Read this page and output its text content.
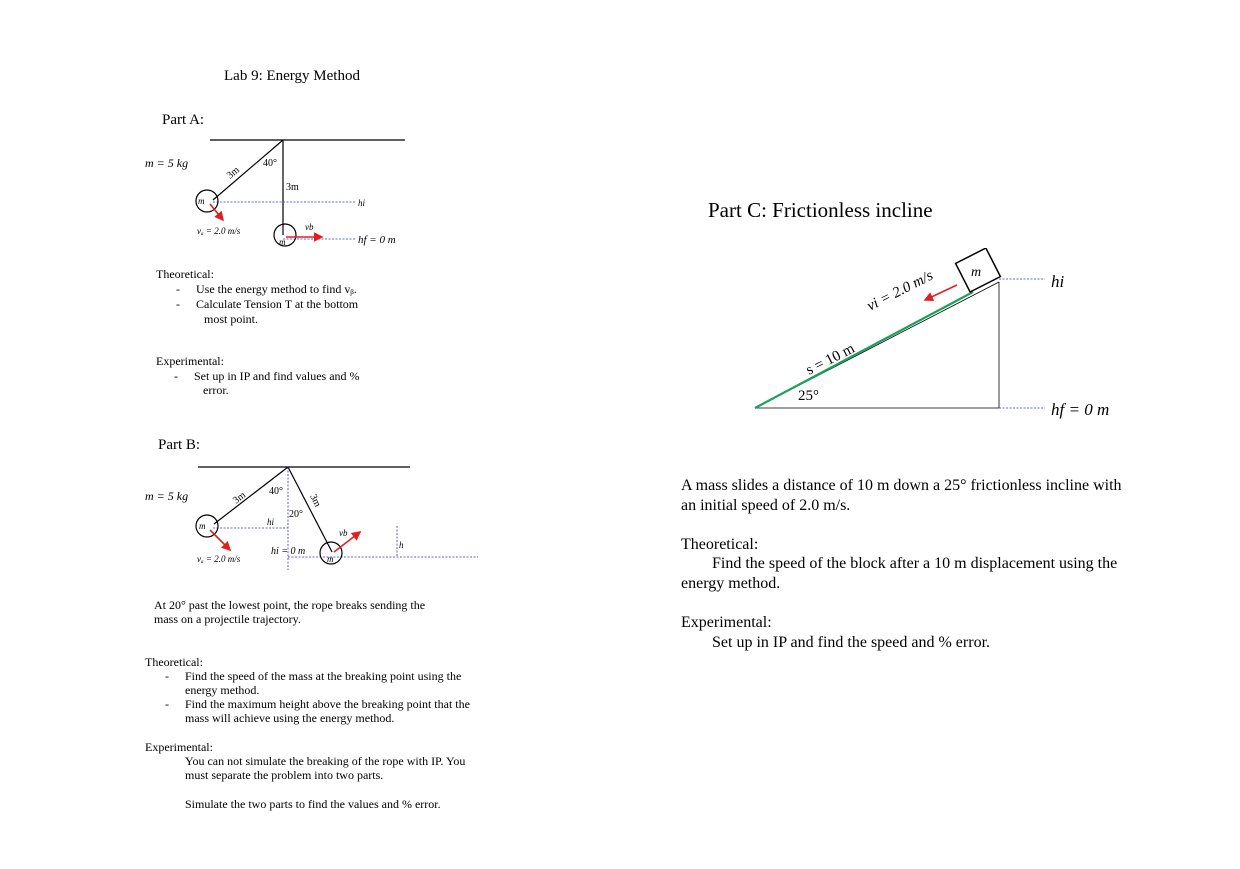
Lab 9: Energy Method
Part A:
3m
40°
3m
m
m
vₐ = 2.0 m/s	vb
hi
hf = 0 m
m = 5 kg
Theoretical:
- Use the energy method to find vᵦ.
- Calculate Tension T at the bottom
most point.
Experimental:
- Set up in IP and find values and %
error.
Part B:
3m 40°
20°
3m
m
m
hi
hi = 0 m
vb
h
vₐ = 2.0 m/s
m = 5 kg
At 20° past the lowest point, the rope breaks sending the
mass on a projectile trajectory.
Theoretical:
- Find the speed of the mass at the breaking point using the
energy method.
- Find the maximum height above the breaking point that the
mass will achieve using the energy method.
Experimental:
You can not simulate the breaking of the rope with IP. You
must separate the problem into two parts.
Simulate the two parts to find the values and % error.
Part C: Frictionless incline
m
vi = 2.0 m/s
s = 10 m
25°
hi
hf = 0 m
A mass slides a distance of 10 m down a 25° frictionless incline with
an initial speed of 2.0 m/s.
Theoretical:
Find the speed of the block after a 10 m displacement using the
energy method.
Experimental:
Set up in IP and find the speed and % error.
